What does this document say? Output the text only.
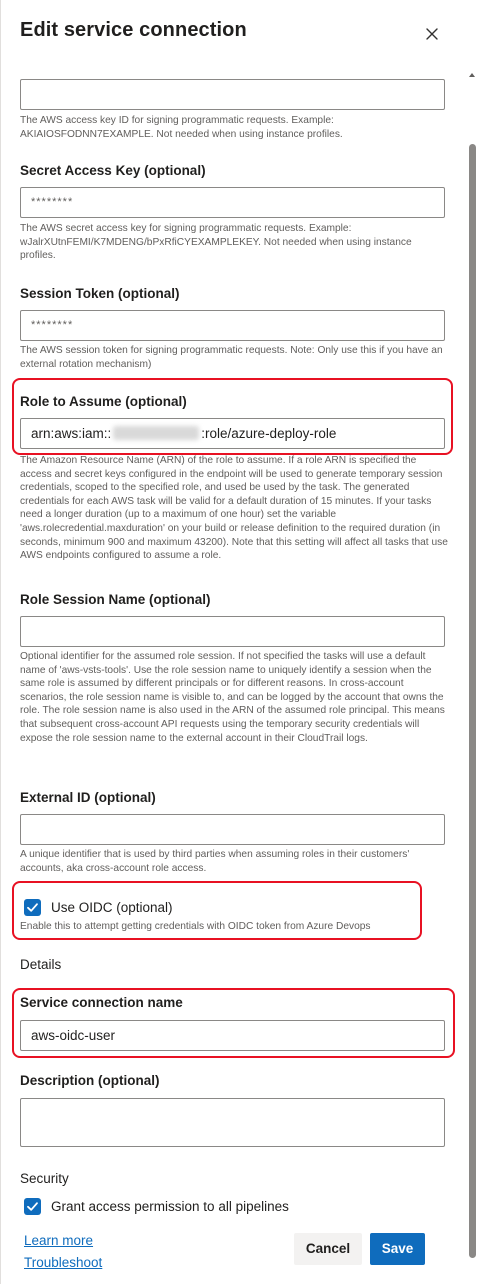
The AWS access key ID for signing programmatic requests. Example: AKIAIOSFODNN7EXAMPLE. Not needed when using instance profiles.
Secret Access Key (optional)
********
The AWS secret access key for signing programmatic requests. Example: wJalrXUtnFEMI/K7MDENG/bPxRfiCYEXAMPLEKEY. Not needed when using instance profiles.
Session Token (optional)
********
The AWS session token for signing programmatic requests. Note: Only use this if you have an external rotation mechanism)
Role to Assume (optional)
arn:aws:iam::	:role/azure-deploy-role
The Amazon Resource Name (ARN) of the role to assume. If a role ARN is specified the access and secret keys configured in the endpoint will be used to generate temporary session credentials, scoped to the specified role, and used be used by the task. The generated credentials for each AWS task will be valid for a default duration of 15 minutes. If your tasks need a longer duration (up to a maximum of one hour) set the variable 'aws.rolecredential.maxduration' on your build or release definition to the required duration (in seconds, minimum 900 and maximum 43200). Note that this setting will affect all tasks that use AWS endpoints configured to assume a role.
Role Session Name (optional)
Optional identifier for the assumed role session. If not specified the tasks will use a default name of 'aws-vsts-tools'. Use the role session name to uniquely identify a session when the same role is assumed by different principals or for different reasons. In cross-account scenarios, the role session name is visible to, and can be logged by the account that owns the role. The role session name is also used in the ARN of the assumed role principal. This means that subsequent cross-account API requests using the temporary security credentials will expose the role session name to the external account in their CloudTrail logs.
External ID (optional)
A unique identifier that is used by third parties when assuming roles in their customers' accounts, aka cross-account role access.
Use OIDC (optional)
Enable this to attempt getting credentials with OIDC token from Azure Devops
Details
Service connection name
aws-oidc-user
Description (optional)
Security
Grant access permission to all pipelines
Learn more
Troubleshoot
Cancel	Save
Edit service connection
